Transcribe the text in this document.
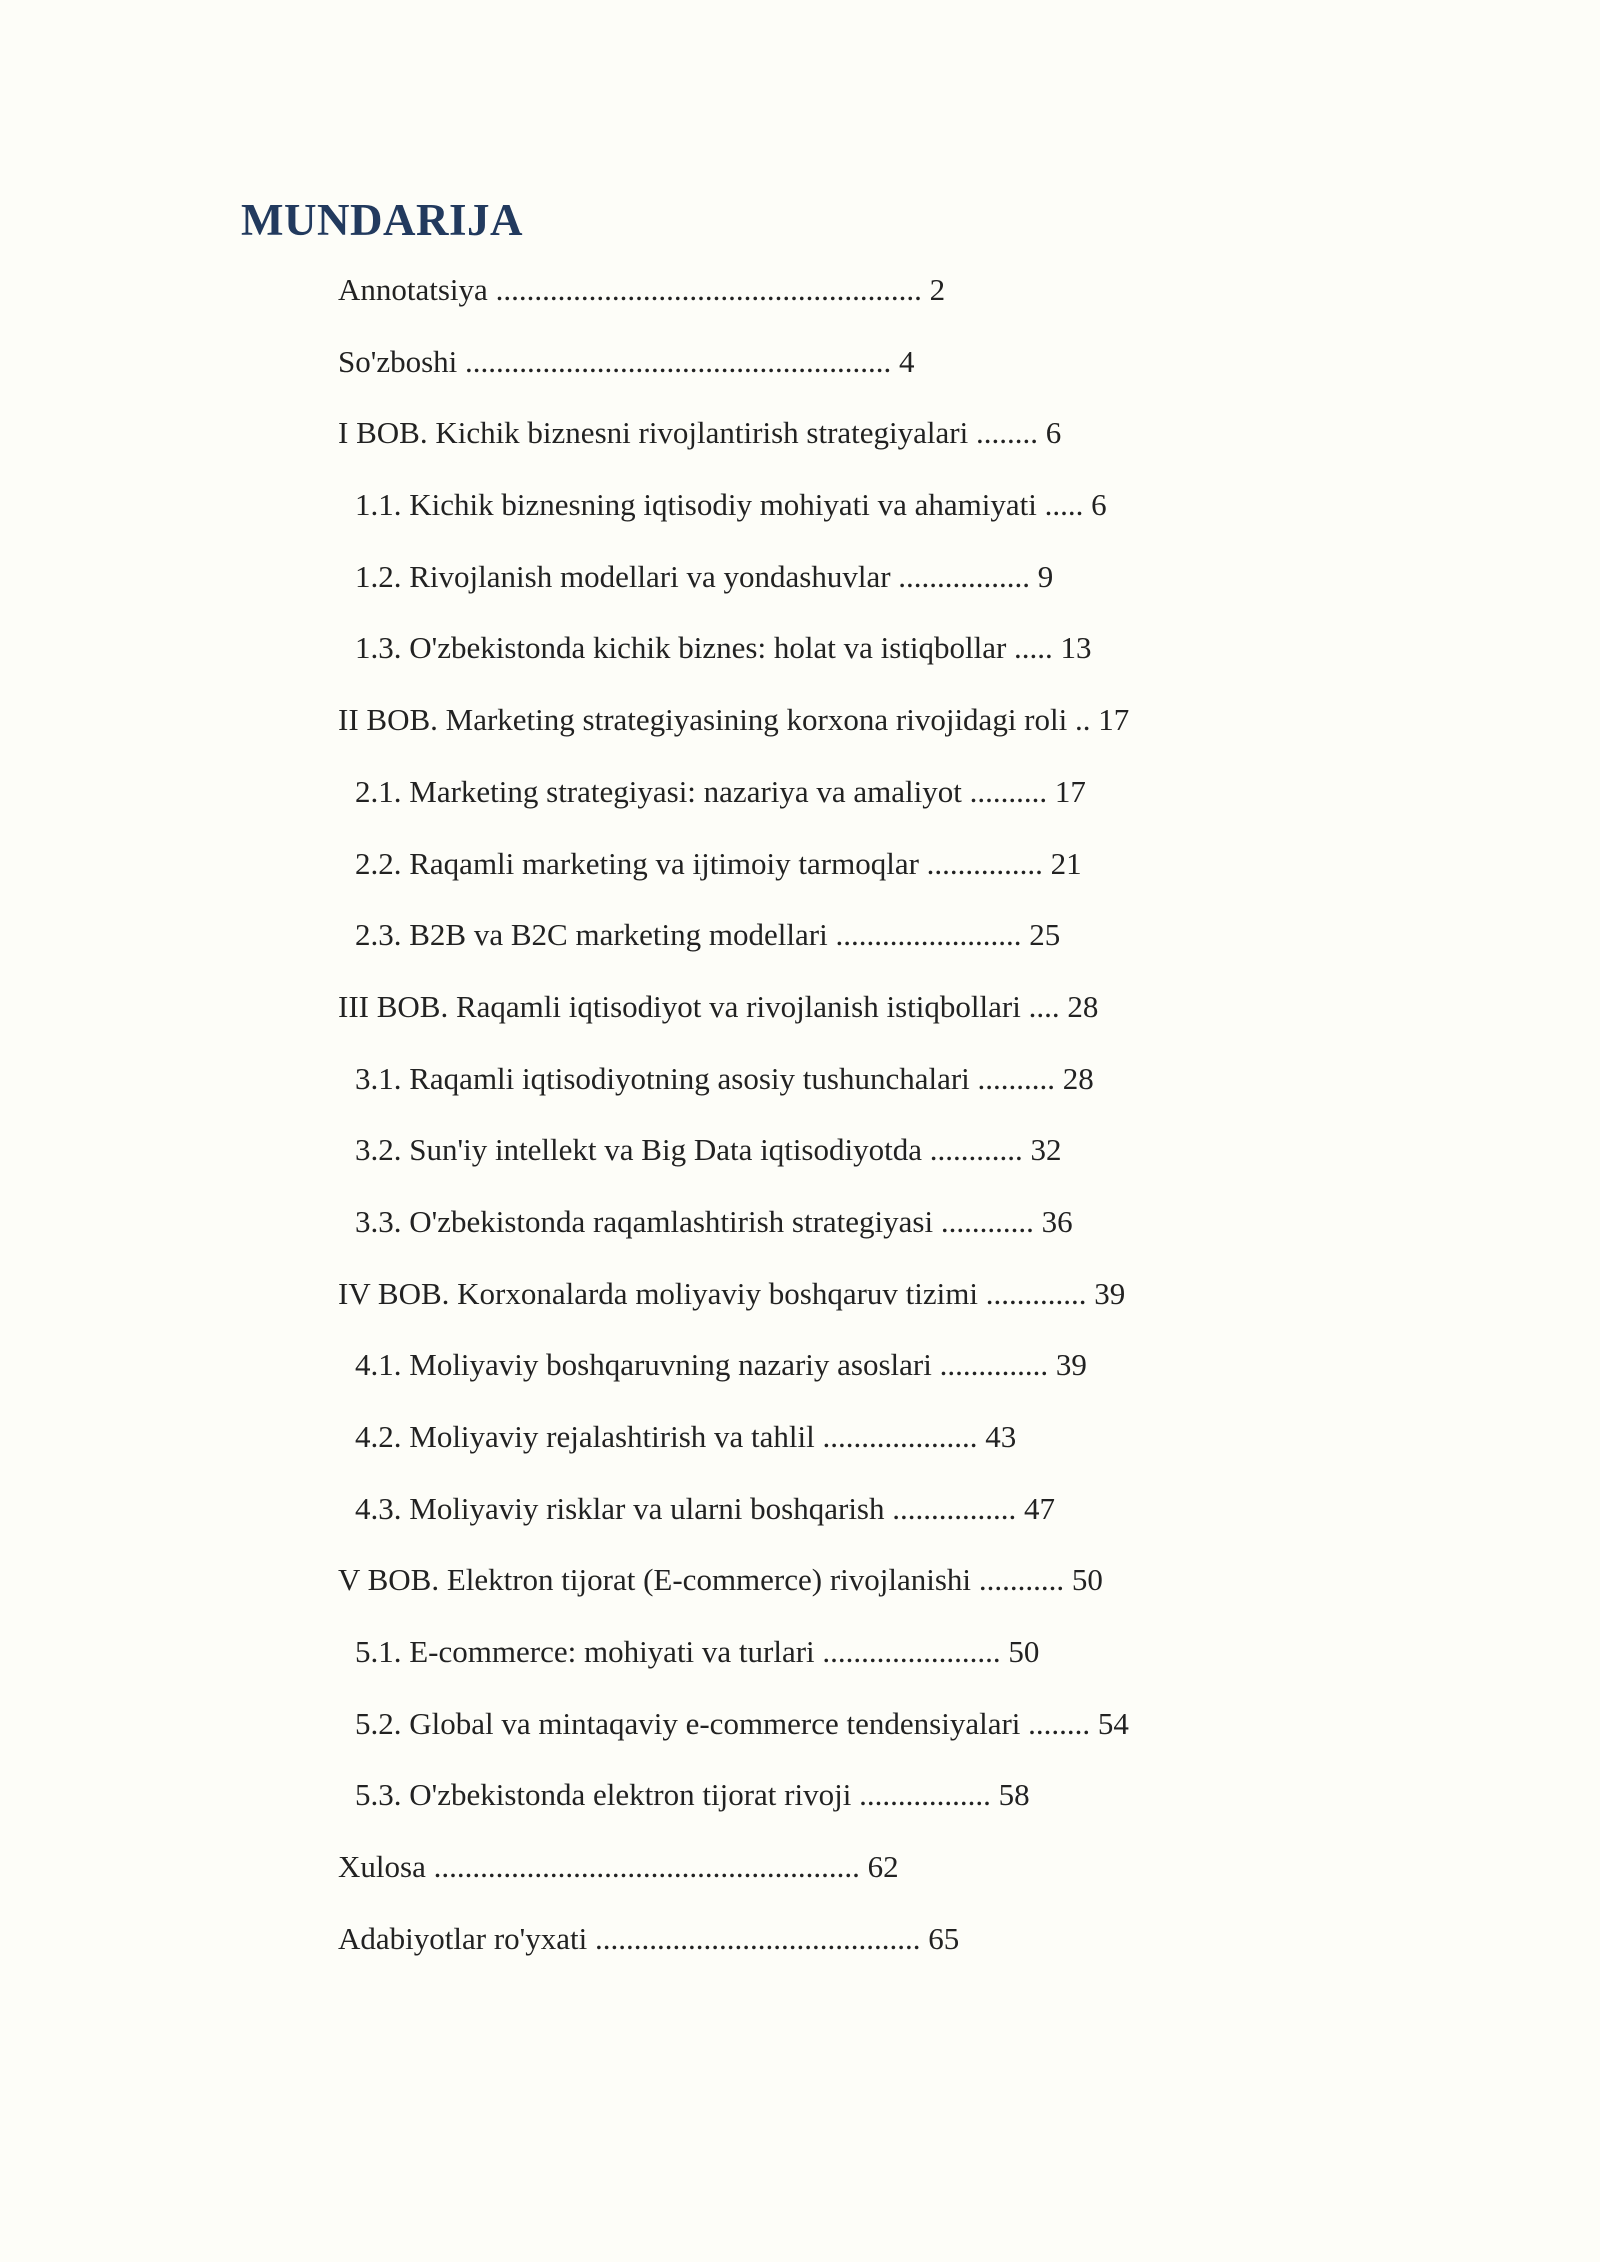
MUNDARIJA
Annotatsiya ....................................................... 2
So'zboshi ....................................................... 4
I BOB. Kichik biznesni rivojlantirish strategiyalari ........ 6
1.1. Kichik biznesning iqtisodiy mohiyati va ahamiyati ..... 6
1.2. Rivojlanish modellari va yondashuvlar ................. 9
1.3. O'zbekistonda kichik biznes: holat va istiqbollar ..... 13
II BOB. Marketing strategiyasining korxona rivojidagi roli .. 17
2.1. Marketing strategiyasi: nazariya va amaliyot .......... 17
2.2. Raqamli marketing va ijtimoiy tarmoqlar ............... 21
2.3. B2B va B2C marketing modellari ........................ 25
III BOB. Raqamli iqtisodiyot va rivojlanish istiqbollari .... 28
3.1. Raqamli iqtisodiyotning asosiy tushunchalari .......... 28
3.2. Sun'iy intellekt va Big Data iqtisodiyotda ............ 32
3.3. O'zbekistonda raqamlashtirish strategiyasi ............ 36
IV BOB. Korxonalarda moliyaviy boshqaruv tizimi ............. 39
4.1. Moliyaviy boshqaruvning nazariy asoslari .............. 39
4.2. Moliyaviy rejalashtirish va tahlil .................... 43
4.3. Moliyaviy risklar va ularni boshqarish ................ 47
V BOB. Elektron tijorat (E-commerce) rivojlanishi ........... 50
5.1. E-commerce: mohiyati va turlari ....................... 50
5.2. Global va mintaqaviy e-commerce tendensiyalari ........ 54
5.3. O'zbekistonda elektron tijorat rivoji ................. 58
Xulosa ....................................................... 62
Adabiyotlar ro'yxati .......................................... 65
